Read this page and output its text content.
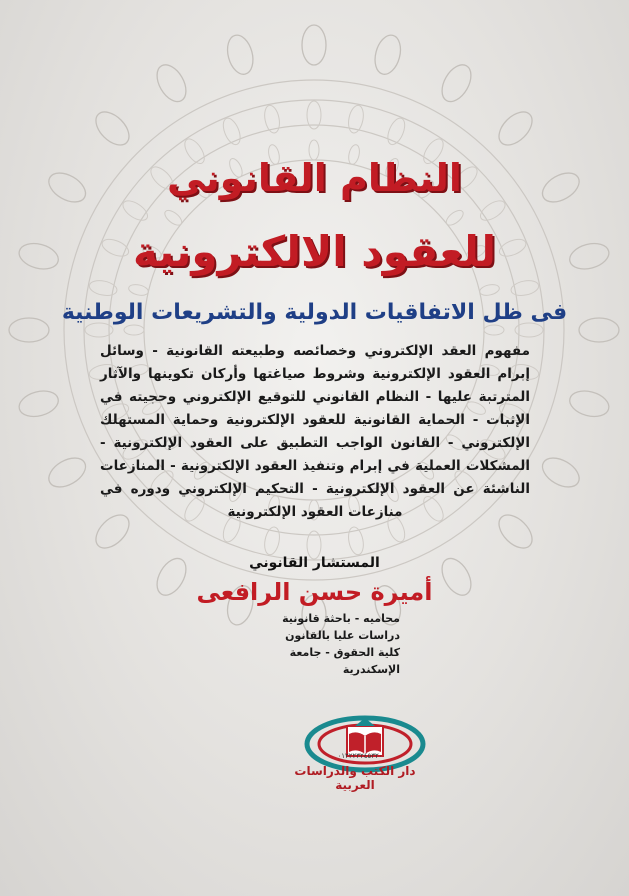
النظام القانوني
للعقود الالكترونية
فى ظل الاتفاقيات الدولية والتشريعات الوطنية
مفهوم العقد الإلكتروني وخصائصه وطبيعته القانونية - وسائل إبرام العقود الإلكترونية وشروط صياغتها وأركان تكوينها والآثار المترتبة عليها - النظام القانوني للتوقيع الإلكتروني وحجيته في الإثبات - الحماية القانونية للعقود الإلكترونية وحماية المستهلك الإلكتروني - القانون الواجب التطبيق على العقود الإلكترونية - المشكلات العملية في إبرام وتنفيذ العقود الإلكترونية - المنازعات الناشئة عن العقود الإلكترونية - التحكيم الإلكتروني ودوره في منازعات العقود الإلكترونية
المستشار القانوني
أميرة حسن الرافعى
محاميه - باحثة قانونية
دراسات عليا بالقانون
كلية الحقوق - جامعة الإسكندرية
٠١٢٢٢٣٢٤٥٣٢٠
دار الكتب والدراسات العربية
